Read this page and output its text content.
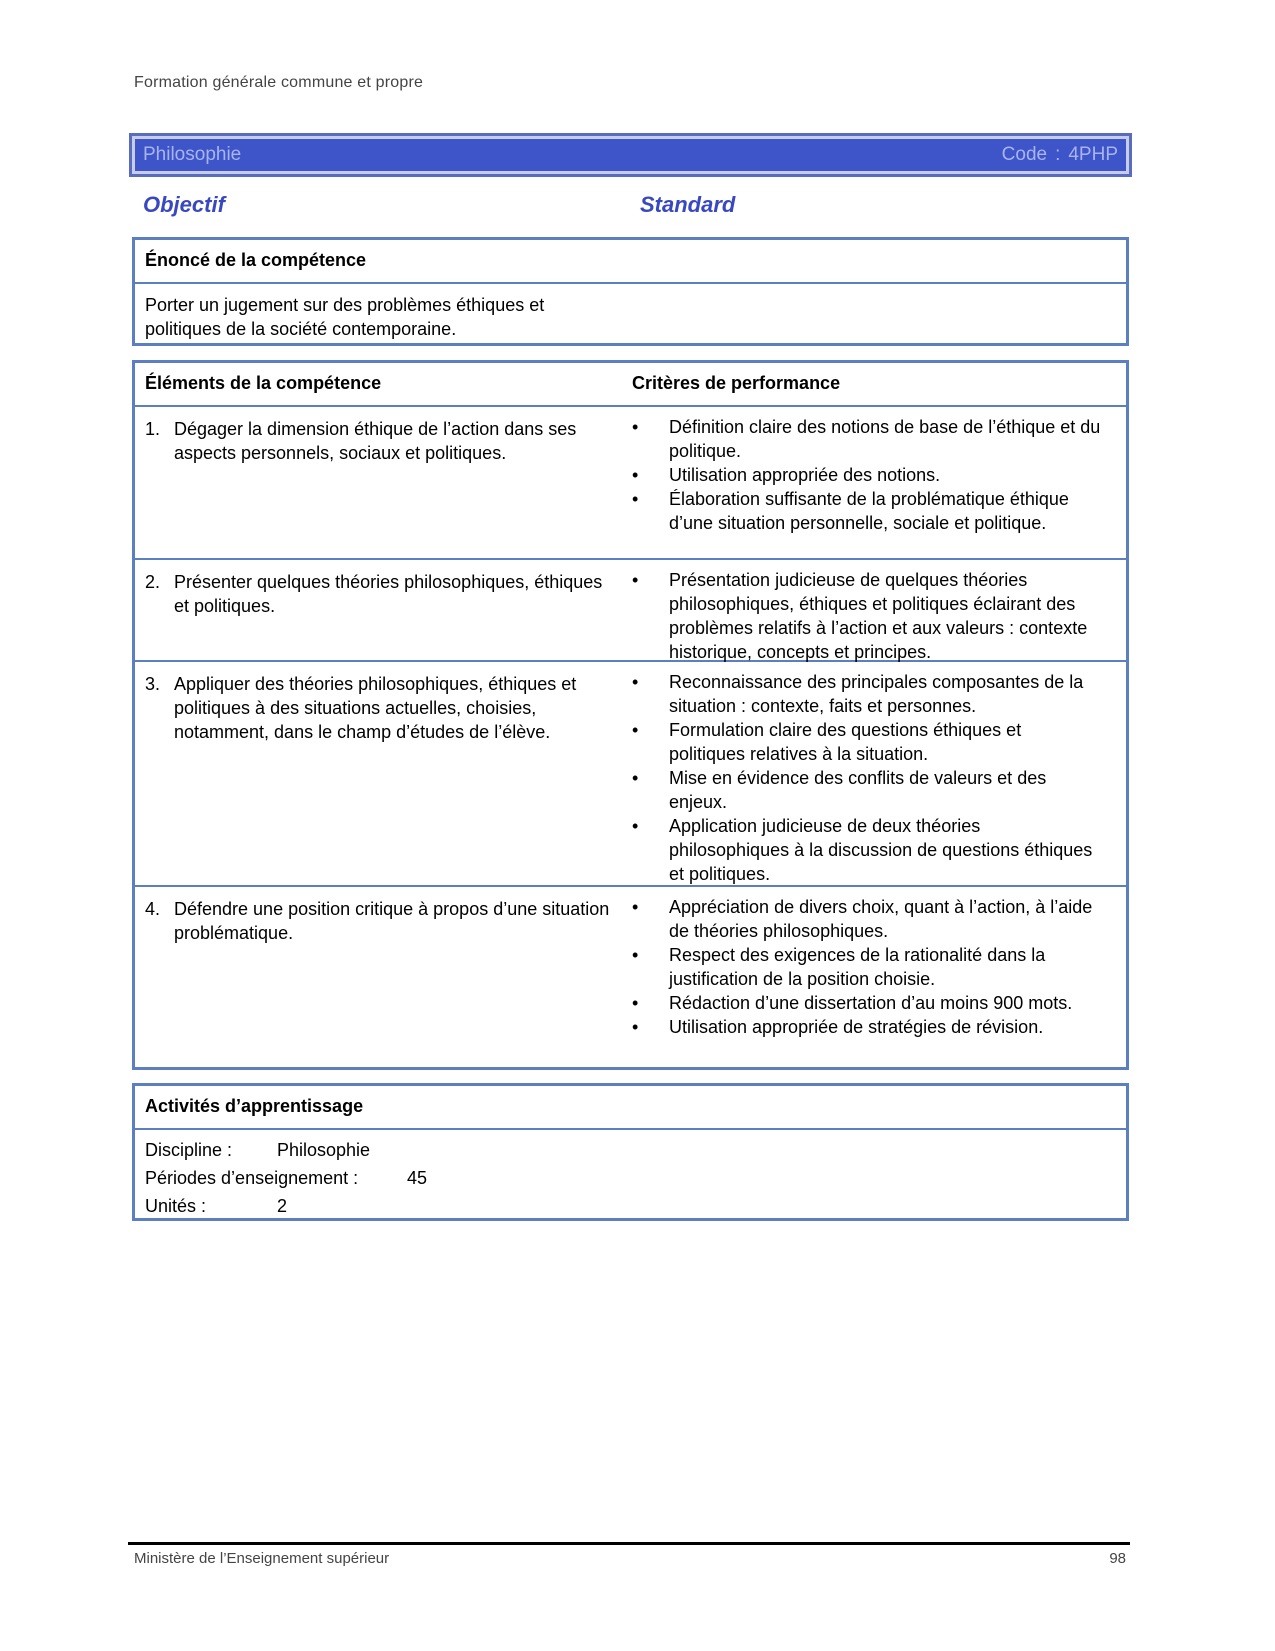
Formation générale commune et propre
Philosophie	Code : 4PHP
Objectif	Standard
Énoncé de la compétence
Porter un jugement sur des problèmes éthiques et politiques de la société contemporaine.
Éléments de la compétence	Critères de performance
1. Dégager la dimension éthique de l’action dans ses aspects personnels, sociaux et politiques.
• Définition claire des notions de base de l’éthique et du politique.
• Utilisation appropriée des notions.
• Élaboration suffisante de la problématique éthique d’une situation personnelle, sociale et politique.
2. Présenter quelques théories philosophiques, éthiques et politiques.
• Présentation judicieuse de quelques théories philosophiques, éthiques et politiques éclairant des problèmes relatifs à l’action et aux valeurs : contexte historique, concepts et principes.
3. Appliquer des théories philosophiques, éthiques et politiques à des situations actuelles, choisies, notamment, dans le champ d’études de l’élève.
• Reconnaissance des principales composantes de la situation : contexte, faits et personnes.
• Formulation claire des questions éthiques et politiques relatives à la situation.
• Mise en évidence des conflits de valeurs et des enjeux.
• Application judicieuse de deux théories philosophiques à la discussion de questions éthiques et politiques.
4. Défendre une position critique à propos d’une situation problématique.
• Appréciation de divers choix, quant à l’action, à l’aide de théories philosophiques.
• Respect des exigences de la rationalité dans la justification de la position choisie.
• Rédaction d’une dissertation d’au moins 900 mots.
• Utilisation appropriée de stratégies de révision.
Activités d’apprentissage
Discipline :	Philosophie
Périodes d’enseignement :	45
Unités :	2
Ministère de l’Enseignement supérieur	98
